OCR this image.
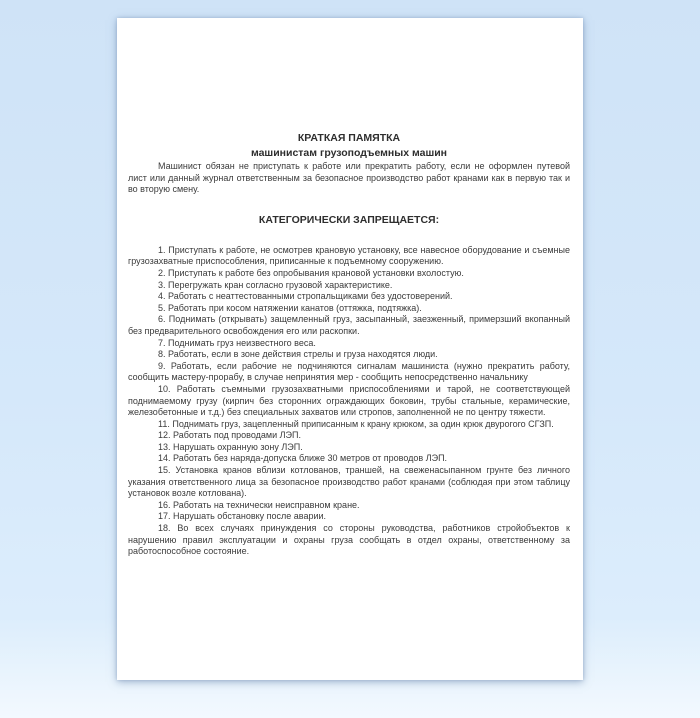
КРАТКАЯ ПАМЯТКА

машинистам грузоподъемных машин

Машинист обязан не приступать к работе или прекратить работу, если не оформлен путевой лист или данный журнал ответственным за безопасное производство работ кранами как в первую так и во вторую смену.

КАТЕГОРИЧЕСКИ ЗАПРЕЩАЕТСЯ:

1. Приступать к работе, не осмотрев крановую установку, все навесное оборудование и съемные грузозахватные приспособления, приписанные к подъемному сооружению.

2. Приступать к работе без опробывания крановой установки вхолостую.

3. Перегружать кран согласно грузовой характеристике.

4. Работать с неаттестованными стропальщиками без удостоверений.

5. Работать при косом натяжении канатов (оттяжка, подтяжка).

6. Поднимать (открывать) защемленный груз, засыпанный, заезженный, примерзший вкопанный без предварительного освобождения его или раскопки.

7. Поднимать груз неизвестного веса.

8. Работать, если в зоне действия стрелы и груза находятся люди.

9. Работать, если рабочие не подчиняются сигналам машиниста (нужно прекратить работу, сообщить мастеру-прорабу, в случае непринятия мер - сообщить непосредственно начальнику

10. Работать съемными грузозахватными приспособлениями и тарой, не соответствующей поднимаемому грузу (кирпич без сторонних ограждающих боковин, трубы стальные, керамические, железобетонные и т.д.) без специальных захватов или стропов, заполненной не по центру тяжести.

11. Поднимать груз, зацепленный приписанным к крану крюком, за один крюк двурогого СГЗП.

12. Работать под проводами ЛЭП.

13. Нарушать охранную зону ЛЭП.

14. Работать без наряда-допуска ближе 30 метров от проводов ЛЭП.

15. Установка кранов вблизи котлованов, траншей, на свеженасыпанном грунте без личного указания ответственного лица за безопасное производство работ кранами (соблюдая при этом таблицу установок возле котлована).

16. Работать на технически неисправном кране.

17. Нарушать обстановку после аварии.

18. Во всех случаях принуждения со стороны руководства, работников стройобъектов к нарушению правил эксплуатации и охраны груза сообщать в отдел охраны, ответственному за работоспособное состояние.
